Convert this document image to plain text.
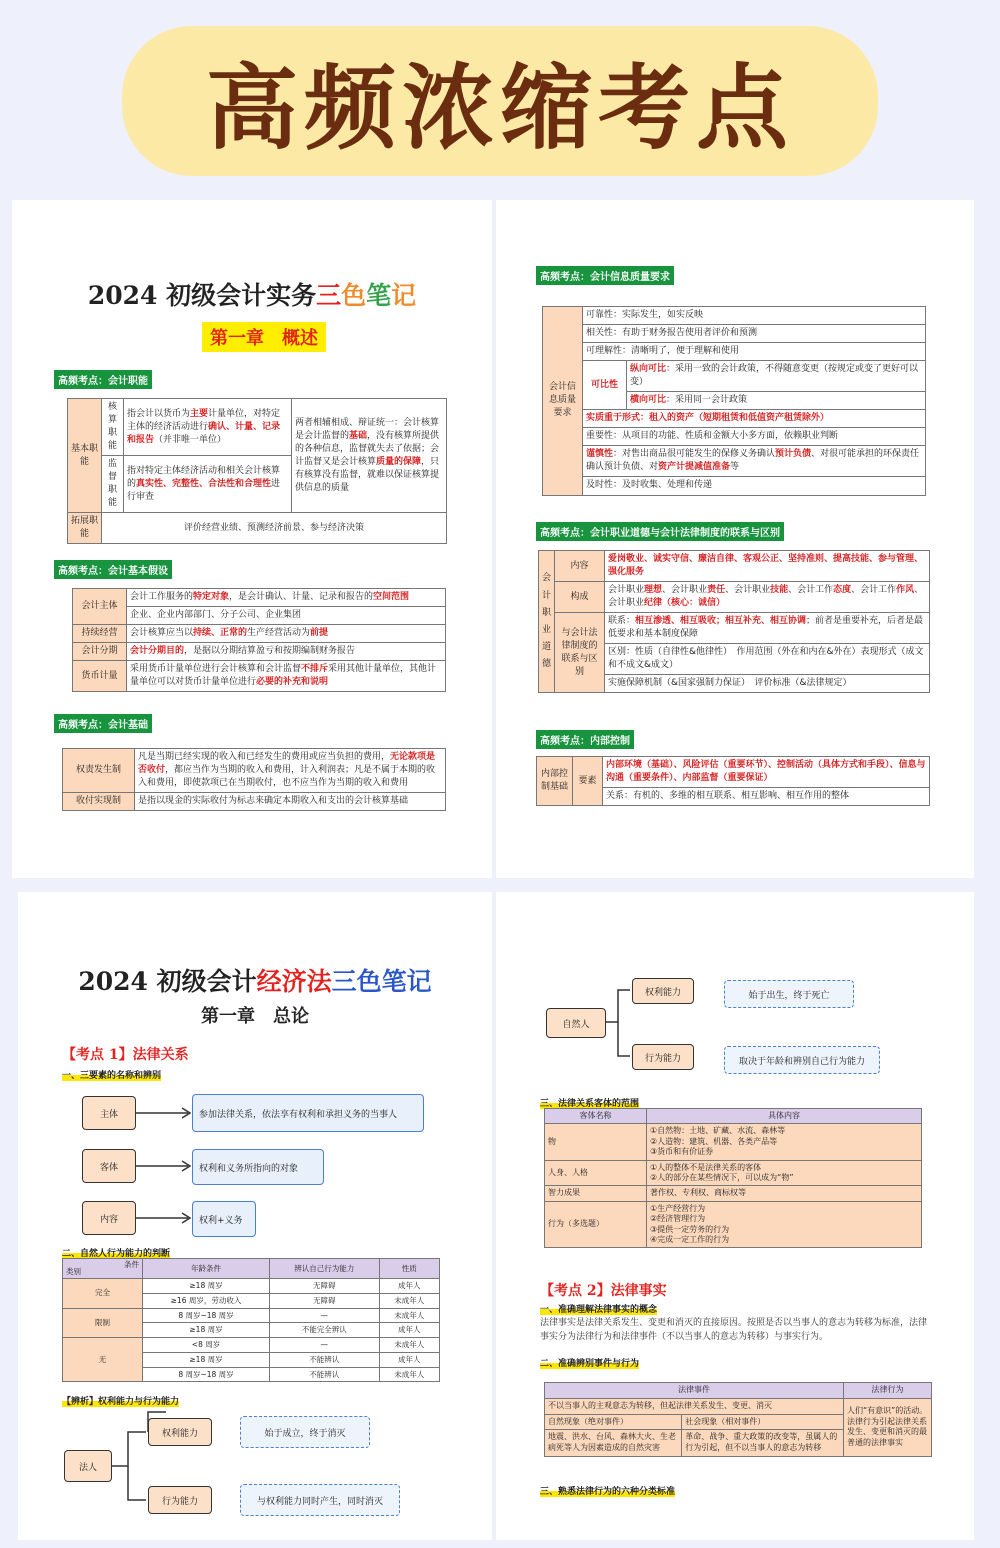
高频浓缩考点
2024 初级会计实务三色笔记
第一章　概述
高频考点：会计职能
基本职能	核算职能	指会计以货币为主要计量单位，对特定主体的经济活动进行确认、计量、记录和报告（并非唯一单位）	两者相辅相成、辩证统一：会计核算是会计监督的基础，没有核算所提供的各种信息，监督就失去了依据；会计监督又是会计核算质量的保障，只有核算没有监督，就难以保证核算提供信息的质量
	监督职能	指对特定主体经济活动和相关会计核算的真实性、完整性、合法性和合理性进行审查	
拓展职能	评价经营业绩、预测经济前景、参与经济决策		
高频考点：会计基本假设
会计主体	会计工作服务的特定对象，是会计确认、计量、记录和报告的空间范围
	企业、企业内部部门、分子公司、企业集团
持续经营	会计核算应当以持续、正常的生产经营活动为前提
会计分期	会计分期目的，是据以分期结算盈亏和按期编制财务报告
货币计量	采用货币计量单位进行会计核算和会计监督不排斥采用其他计量单位，其他计量单位可以对货币计量单位进行必要的补充和说明
高频考点：会计基础
权责发生制	凡是当期已经实现的收入和已经发生的费用或应当负担的费用，无论款项是否收付，都应当作为当期的收入和费用，计入利润表；凡是不属于本期的收入和费用，即使款项已在当期收付，也不应当作为当期的收入和费用
收付实现制	是指以现金的实际收付为标志来确定本期收入和支出的会计核算基础
高频考点：会计信息质量要求
会计信息质量要求	可靠性：实际发生，如实反映	
	相关性：有助于财务报告使用者评价和预测	
	可理解性：清晰明了，便于理解和使用	
	可比性	纵向可比：采用一致的会计政策，不得随意变更（按规定或变了更好可以变）
		横向可比：采用同一会计政策
	实质重于形式：租入的资产（短期租赁和低值资产租赁除外）	
	重要性：从项目的功能、性质和金额大小多方面，依赖职业判断	
	谨慎性：对售出商品很可能发生的保修义务确认预计负债、对很可能承担的环保责任确认预计负债、对资产计提减值准备等	
	及时性：及时收集、处理和传递	
高频考点：会计职业道德与会计法律制度的联系与区别
会计职业道德	内容	爱岗敬业、诚实守信、廉洁自律、客观公正、坚持准则、提高技能、参与管理、强化服务
	构成	会计职业理想、会计职业责任、会计职业技能、会计工作态度、会计工作作风、会计职业纪律（核心：诚信）
	与会计法律制度的联系与区别	联系：相互渗透、相互吸收；相互补充、相互协调；前者是重要补充，后者是最低要求和基本制度保障
		区别：性质（自律性&他律性）　作用范围（外在和内在&外在）表现形式（成文和不成文&成文）
		实施保障机制（&国家强制力保证）　评价标准（&法律规定）
高频考点：内部控制
内部控制基础	要素	内部环境（基础）、风险评估（重要环节）、控制活动（具体方式和手段）、信息与沟通（重要条件）、内部监督（重要保证）
关系：有机的、多维的相互联系、相互影响、相互作用的整体
2024 初级会计经济法三色笔记
第一章　总论
【考点 1】法律关系
一、三要素的名称和辨别
主体	参加法律关系，依法享有权利和承担义务的当事人
客体	权利和义务所指向的对象
内容	权利+义务
二、自然人行为能力的判断
条件
类别	年龄条件	辨认自己行为能力	性质
完全	≥18 周岁	无障碍	成年人
	≥16 周岁，劳动收入	无障碍	未成年人
限制	8 周岁~18 周岁	—	未成年人
	≥18 周岁	不能完全辨认	成年人
无	<8 周岁	—	未成年人
	≥18 周岁	不能辨认	成年人
	8 周岁~18 周岁	不能辨认	未成年人
【辨析】权利能力与行为能力
法人
权利能力	始于成立，终于消灭
行为能力	与权利能力同时产生，同时消灭
自然人
权利能力	始于出生，终于死亡
行为能力	取决于年龄和辨别自己行为能力
三、法律关系客体的范围
客体名称	具体内容
物	①自然物：土地、矿藏、水流、森林等
②人造物：建筑、机器、各类产品等
③货币和有价证券

人身、人格	①人的整体不是法律关系的客体
②人的部分在某些情况下，可以成为“物”

智力成果	著作权、专利权、商标权等

行为（多选题）	①生产经营行为
②经济管理行为
③提供一定劳务的行为
④完成一定工作的行为
【考点 2】法律事实
一、准确理解法律事实的概念
法律事实是法律关系发生、变更和消灭的直接原因。按照是否以当事人的意志为转移为标准，法律事实分为法律行为和法律事件（不以当事人的意志为转移）与事实行为。
二、准确辨别事件与行为
法律事件		法律行为
不以当事人的主观意志为转移，但起法律关系发生、变更、消灭		人们“有意识”的活动。法律行为引起法律关系发生、变更和消灭的最普通的法律事实
自然现象（绝对事件）	社会现象（相对事件）	
地震、洪水、台风、森林大火、生老病死等人为因素造成的自然灾害	革命、战争、重大政策的改变等，虽属人的行为引起，但不以当事人的意志为转移	
三、熟悉法律行为的六种分类标准
